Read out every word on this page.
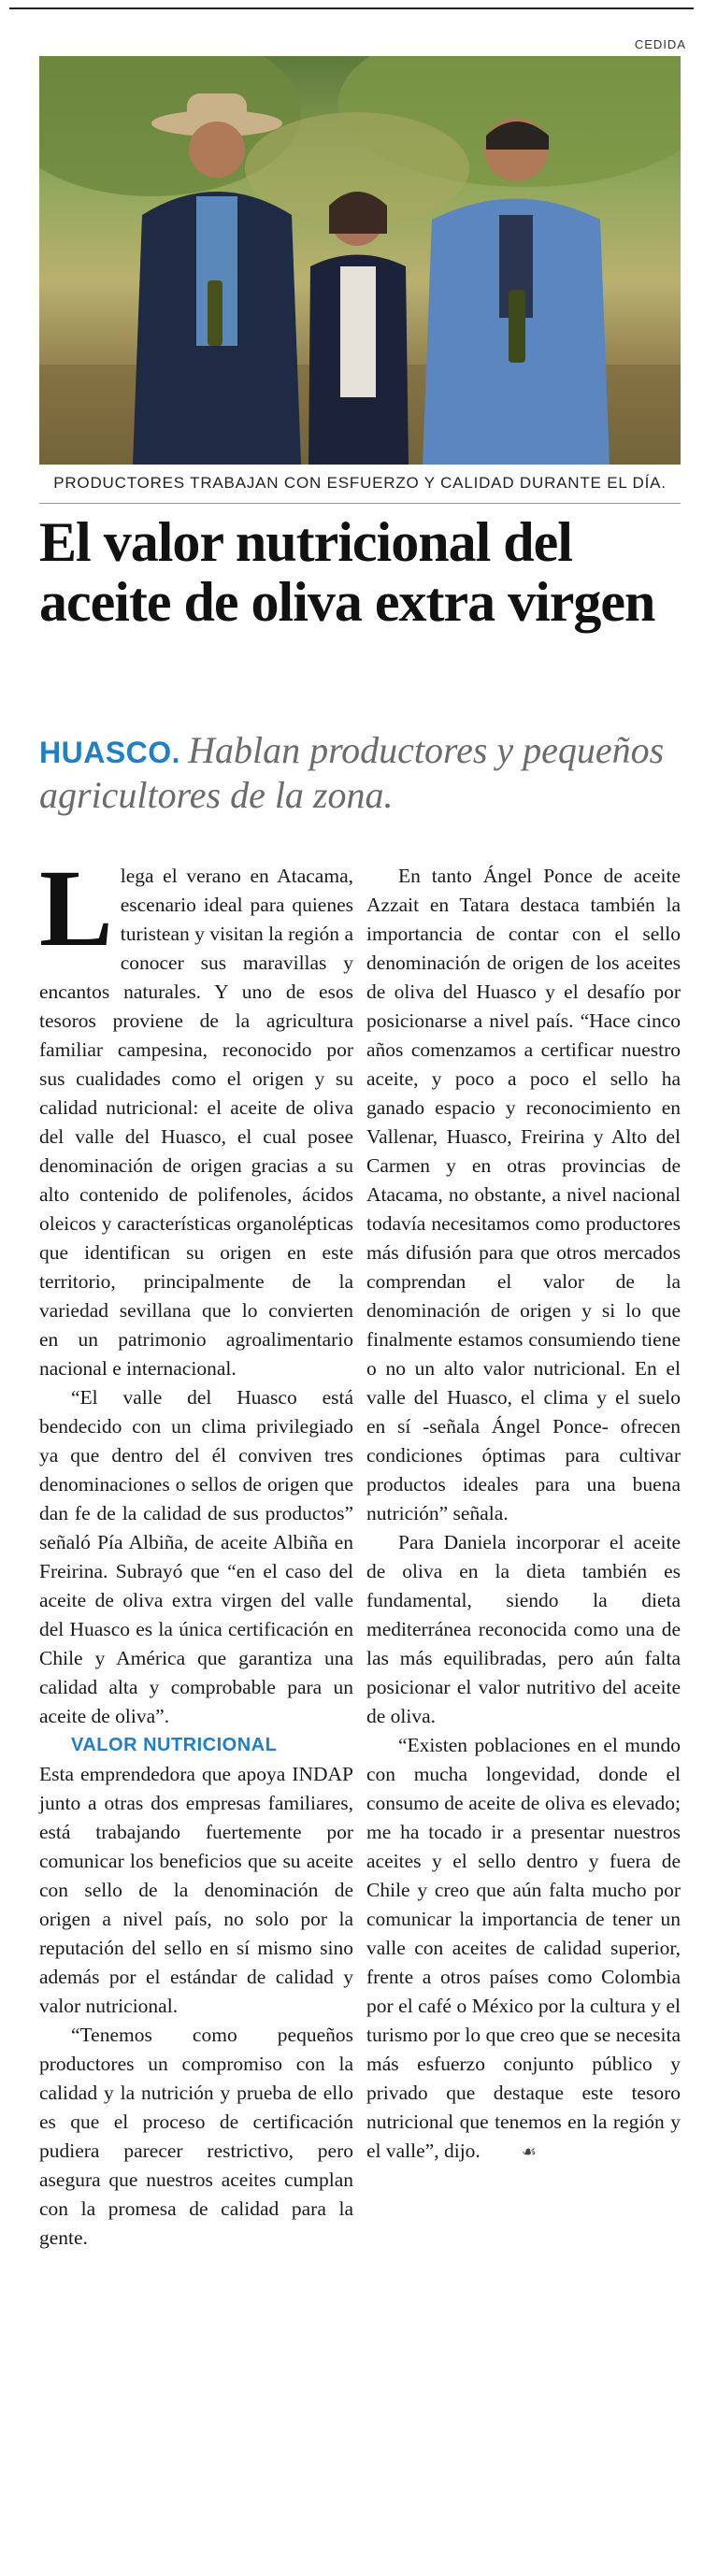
CEDIDA
PRODUCTORES TRABAJAN CON ESFUERZO Y CALIDAD DURANTE EL DÍA.
El valor nutricional del aceite de oliva extra virgen
HUASCO. Hablan productores y pequeños agricultores de la zona.

Llega el verano en Atacama, escenario ideal para quienes turistean y visitan la región a conocer sus maravillas y encantos naturales. Y uno de esos tesoros proviene de la agricultura familiar campesina, reconocido por sus cualidades como el origen y su calidad nutricional: el aceite de oliva del valle del Huasco, el cual posee denominación de origen gracias a su alto contenido de polifenoles, ácidos oleicos y características organolépticas que identifican su origen en este territorio, principalmente de la variedad sevillana que lo convierten en un patrimonio agroalimentario nacional e internacional.

“El valle del Huasco está bendecido con un clima privilegiado ya que dentro del él conviven tres denominaciones o sellos de origen que dan fe de la calidad de sus productos” señaló Pía Albiña, de aceite Albiña en Freirina. Subrayó que “en el caso del aceite de oliva extra virgen del valle del Huasco es la única certificación en Chile y América que garantiza una calidad alta y comprobable para un aceite de oliva”.

VALOR NUTRICIONAL

Esta emprendedora que apoya INDAP junto a otras dos empresas familiares, está trabajando fuertemente por comunicar los beneficios que su aceite con sello de la denominación de origen a nivel país, no solo por la reputación del sello en sí mismo sino además por el estándar de calidad y valor nutricional.

“Tenemos como pequeños productores un compromiso con la calidad y la nutrición y prueba de ello es que el proceso de certificación pudiera parecer restrictivo, pero asegura que nuestros aceites cumplan con la promesa de calidad para la gente.

En tanto Ángel Ponce de aceite Azzait en Tatara destaca también la importancia de contar con el sello denominación de origen de los aceites de oliva del Huasco y el desafío por posicionarse a nivel país. “Hace cinco años comenzamos a certificar nuestro aceite, y poco a poco el sello ha ganado espacio y reconocimiento en Vallenar, Huasco, Freirina y Alto del Carmen y en otras provincias de Atacama, no obstante, a nivel nacional todavía necesitamos como productores más difusión para que otros mercados comprendan el valor de la denominación de origen y si lo que finalmente estamos consumiendo tiene o no un alto valor nutricional. En el valle del Huasco, el clima y el suelo en sí -señala Ángel Ponce- ofrecen condiciones óptimas para cultivar productos ideales para una buena nutrición” señala.

Para Daniela incorporar el aceite de oliva en la dieta también es fundamental, siendo la dieta mediterránea reconocida como una de las más equilibradas, pero aún falta posicionar el valor nutritivo del aceite de oliva.

“Existen poblaciones en el mundo con mucha longevidad, donde el consumo de aceite de oliva es elevado; me ha tocado ir a presentar nuestros aceites y el sello dentro y fuera de Chile y creo que aún falta mucho por comunicar la importancia de tener un valle con aceites de calidad superior, frente a otros países como Colombia por el café o México por la cultura y el turismo por lo que creo que se necesita más esfuerzo conjunto público y privado que destaque este tesoro nutricional que tenemos en la región y el valle”, dijo. ☙
